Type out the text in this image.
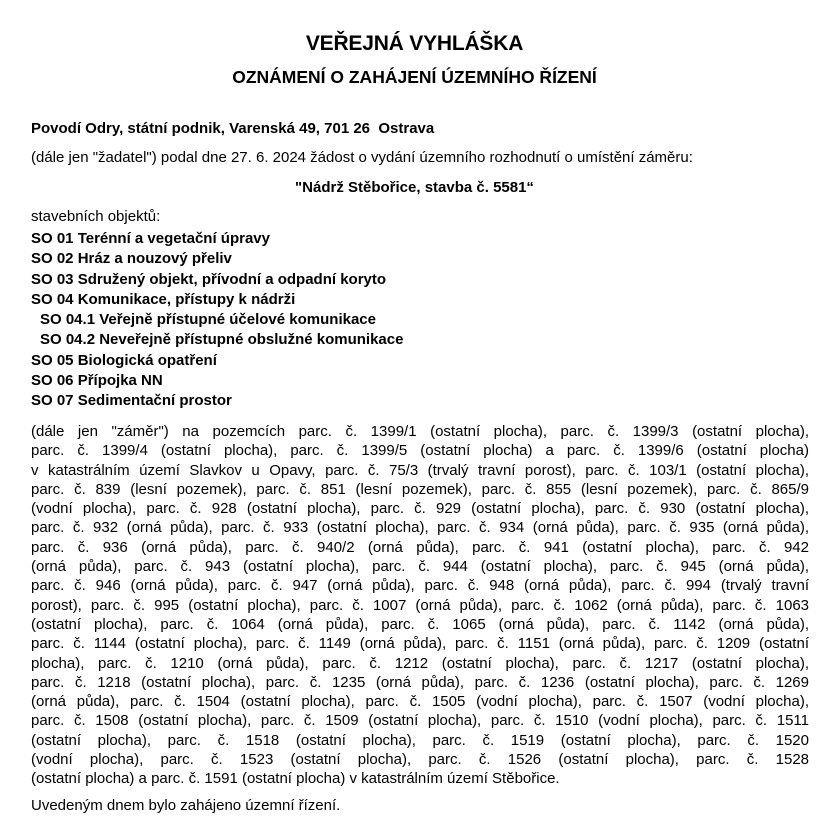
VEŘEJNÁ VYHLÁŠKA
OZNÁMENÍ O ZAHÁJENÍ ÚZEMNÍHO ŘÍZENÍ
Povodí Odry, státní podnik, Varenská 49, 701 26  Ostrava
(dále jen "žadatel") podal dne 27. 6. 2024 žádost o vydání územního rozhodnutí o umístění záměru:
"Nádrž Stěbořice, stavba č. 5581“
stavebních objektů:
SO 01 Terénní a vegetační úpravy
SO 02 Hráz a nouzový přeliv
SO 03 Sdružený objekt, přívodní a odpadní koryto
SO 04 Komunikace, přístupy k nádrži
SO 04.1 Veřejně přístupné účelové komunikace
SO 04.2 Neveřejně přístupné obslužné komunikace
SO 05 Biologická opatření
SO 06 Přípojka NN
SO 07 Sedimentační prostor
(dále jen "záměr") na pozemcích parc. č. 1399/1 (ostatní plocha), parc. č. 1399/3 (ostatní plocha),
parc. č. 1399/4 (ostatní plocha), parc. č. 1399/5 (ostatní plocha) a parc. č. 1399/6 (ostatní plocha)
v katastrálním území Slavkov u Opavy, parc. č. 75/3 (trvalý travní porost), parc. č. 103/1 (ostatní plocha),
parc. č. 839 (lesní pozemek), parc. č. 851 (lesní pozemek), parc. č. 855 (lesní pozemek), parc. č. 865/9
(vodní plocha), parc. č. 928 (ostatní plocha), parc. č. 929 (ostatní plocha), parc. č. 930 (ostatní plocha),
parc. č. 932 (orná půda), parc. č. 933 (ostatní plocha), parc. č. 934 (orná půda), parc. č. 935 (orná půda),
parc. č. 936 (orná půda), parc. č. 940/2 (orná půda), parc. č. 941 (ostatní plocha), parc. č. 942
(orná půda), parc. č. 943 (ostatní plocha), parc. č. 944 (ostatní plocha), parc. č. 945 (orná půda),
parc. č. 946 (orná půda), parc. č. 947 (orná půda), parc. č. 948 (orná půda), parc. č. 994 (trvalý travní
porost), parc. č. 995 (ostatní plocha), parc. č. 1007 (orná půda), parc. č. 1062 (orná půda), parc. č. 1063
(ostatní plocha), parc. č. 1064 (orná půda), parc. č. 1065 (orná půda), parc. č. 1142 (orná půda),
parc. č. 1144 (ostatní plocha), parc. č. 1149 (orná půda), parc. č. 1151 (orná půda), parc. č. 1209 (ostatní
plocha), parc. č. 1210 (orná půda), parc. č. 1212 (ostatní plocha), parc. č. 1217 (ostatní plocha),
parc. č. 1218 (ostatní plocha), parc. č. 1235 (orná půda), parc. č. 1236 (ostatní plocha), parc. č. 1269
(orná půda), parc. č. 1504 (ostatní plocha), parc. č. 1505 (vodní plocha), parc. č. 1507 (vodní plocha),
parc. č. 1508 (ostatní plocha), parc. č. 1509 (ostatní plocha), parc. č. 1510 (vodní plocha), parc. č. 1511
(ostatní plocha), parc. č. 1518 (ostatní plocha), parc. č. 1519 (ostatní plocha), parc. č. 1520
(vodní plocha), parc. č. 1523 (ostatní plocha), parc. č. 1526 (ostatní plocha), parc. č. 1528
(ostatní plocha) a parc. č. 1591 (ostatní plocha) v katastrálním území Stěbořice.
Uvedeným dnem bylo zahájeno územní řízení.
